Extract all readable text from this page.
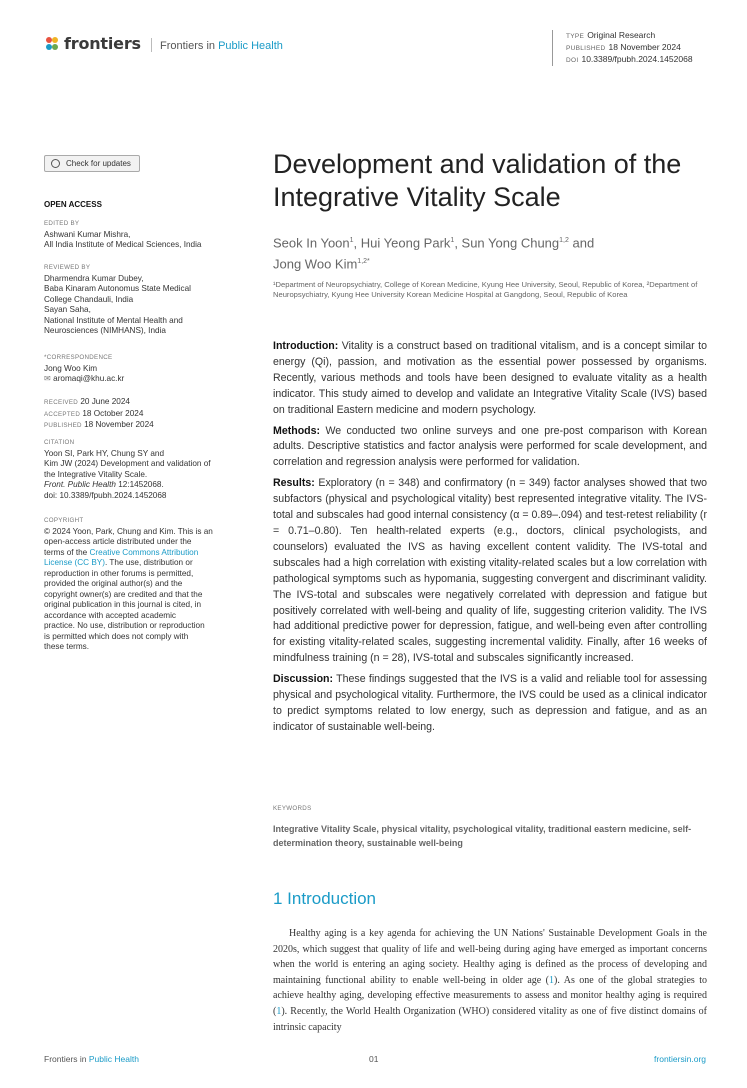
frontiers	Frontiers in Public Health
TYPE Original Research
PUBLISHED 18 November 2024
DOI 10.3389/fpubh.2024.1452068
Check for updates
OPEN ACCESS
EDITED BY
Ashwani Kumar Mishra,
All India Institute of Medical Sciences, India
REVIEWED BY
Dharmendra Kumar Dubey,
Baba Kinaram Autonomus State Medical
College Chandauli, India
Sayan Saha,
National Institute of Mental Health and
Neurosciences (NIMHANS), India
*CORRESPONDENCE
Jong Woo Kim
✉ aromaqi@khu.ac.kr
RECEIVED 20 June 2024
ACCEPTED 18 October 2024
PUBLISHED 18 November 2024
CITATION
Yoon SI, Park HY, Chung SY and
Kim JW (2024) Development and validation of
the Integrative Vitality Scale.
Front. Public Health 12:1452068.
doi: 10.3389/fpubh.2024.1452068
COPYRIGHT
© 2024 Yoon, Park, Chung and Kim. This is an
open-access article distributed under the
terms of the Creative Commons Attribution
License (CC BY). The use, distribution or
reproduction in other forums is permitted,
provided the original author(s) and the
copyright owner(s) are credited and that the
original publication in this journal is cited, in
accordance with accepted academic
practice. No use, distribution or reproduction
is permitted which does not comply with
these terms.
Development and validation of the Integrative Vitality Scale
Seok In Yoon$^1$, Hui Yeong Park$^1$, Sun Yong Chung$^{1,2}$ and
Jong Woo Kim$^{1,2*}$
¹Department of Neuropsychiatry, College of Korean Medicine, Kyung Hee University, Seoul, Republic of Korea, ²Department of Neuropsychiatry, Kyung Hee University Korean Medicine Hospital at Gangdong, Seoul, Republic of Korea

Introduction: Vitality is a construct based on traditional vitalism, and is a concept similar to energy (Qi), passion, and motivation as the essential power possessed by organisms. Recently, various methods and tools have been designed to evaluate vitality as a health indicator. This study aimed to develop and validate an Integrative Vitality Scale (IVS) based on traditional Eastern medicine and modern psychology.

Methods: We conducted two online surveys and one pre-post comparison with Korean adults. Descriptive statistics and factor analysis were performed for scale development, and correlation and regression analysis were performed for validation.

Results: Exploratory (n = 348) and confirmatory (n = 349) factor analyses showed that two subfactors (physical and psychological vitality) best represented integrative vitality. The IVS-total and subscales had good internal consistency (α = 0.89–.094) and test-retest reliability (r = 0.71–0.80). Ten health-related experts (e.g., doctors, clinical psychologists, and counselors) evaluated the IVS as having excellent content validity. The IVS-total and subscales had a high correlation with existing vitality-related scales but a low correlation with pathological symptoms such as hypomania, suggesting convergent and discriminant validity. The IVS-total and subscales were negatively correlated with depression and fatigue but positively correlated with well-being and quality of life, suggesting criterion validity. The IVS had additional predictive power for depression, fatigue, and well-being even after controlling for existing vitality-related scales, suggesting incremental validity. Finally, after 16 weeks of mindfulness training (n = 28), IVS-total and subscales significantly increased.

Discussion: These findings suggested that the IVS is a valid and reliable tool for assessing physical and psychological vitality. Furthermore, the IVS could be used as a clinical indicator to predict symptoms related to low energy, such as depression and fatigue, and as an indicator of sustainable well-being.

KEYWORDS
Integrative Vitality Scale, physical vitality, psychological vitality, traditional eastern medicine, self-determination theory, sustainable well-being
1 Introduction
Healthy aging is a key agenda for achieving the UN Nations' Sustainable Development Goals in the 2020s, which suggest that quality of life and well-being during aging have emerged as important concerns when the world is entering an aging society. Healthy aging is defined as the process of developing and maintaining functional ability to enable well-being in older age (1). As one of the global strategies to achieve healthy aging, developing effective measurements to assess and monitor healthy aging is required (1). Recently, the World Health Organization (WHO) considered vitality as one of five distinct domains of intrinsic capacity
Frontiers in Public Health	01	frontiersin.org
